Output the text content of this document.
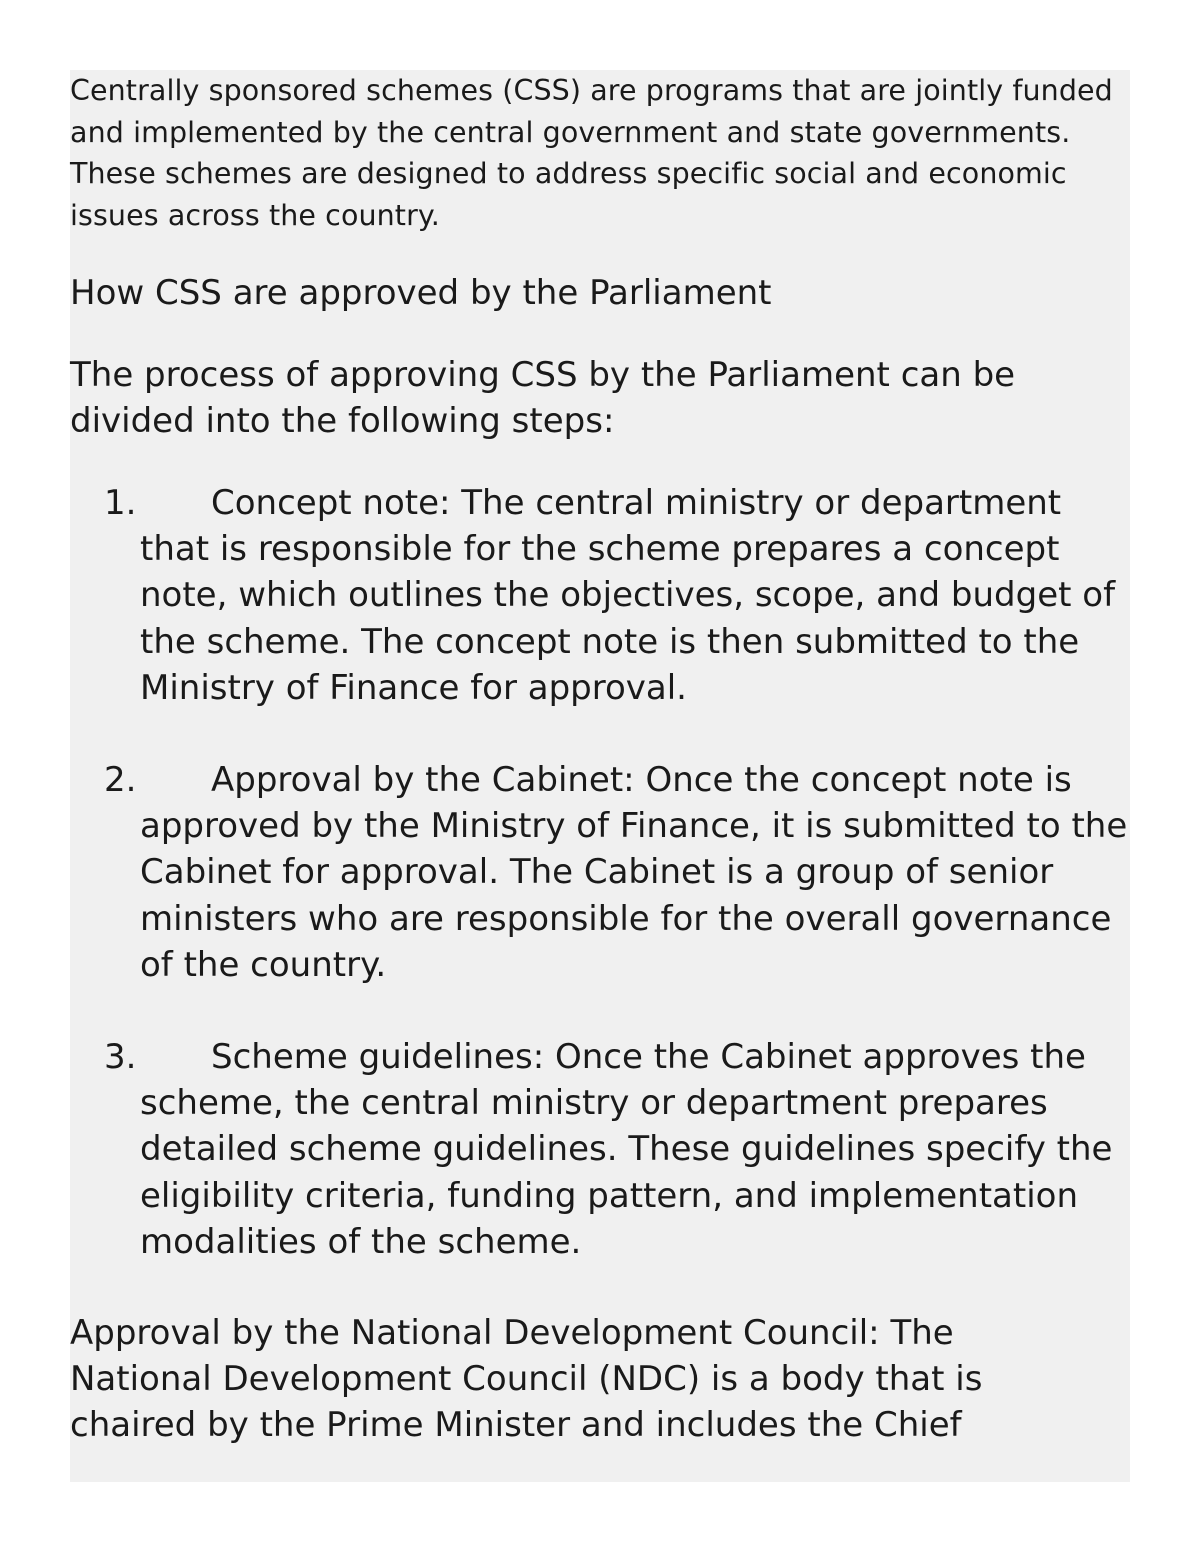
Centrally sponsored schemes (CSS) are programs that are jointly funded and implemented by the central government and state governments. These schemes are designed to address specific social and economic issues across the country.

How CSS are approved by the Parliament

The process of approving CSS by the Parliament can be divided into the following steps:

1. Concept note: The central ministry or department that is responsible for the scheme prepares a concept note, which outlines the objectives, scope, and budget of the scheme. The concept note is then submitted to the Ministry of Finance for approval.
2. Approval by the Cabinet: Once the concept note is approved by the Ministry of Finance, it is submitted to the Cabinet for approval. The Cabinet is a group of senior ministers who are responsible for the overall governance of the country.
3. Scheme guidelines: Once the Cabinet approves the scheme, the central ministry or department prepares detailed scheme guidelines. These guidelines specify the eligibility criteria, funding pattern, and implementation modalities of the scheme.

Approval by the National Development Council: The National Development Council (NDC) is a body that is chaired by the Prime Minister and includes the Chief
